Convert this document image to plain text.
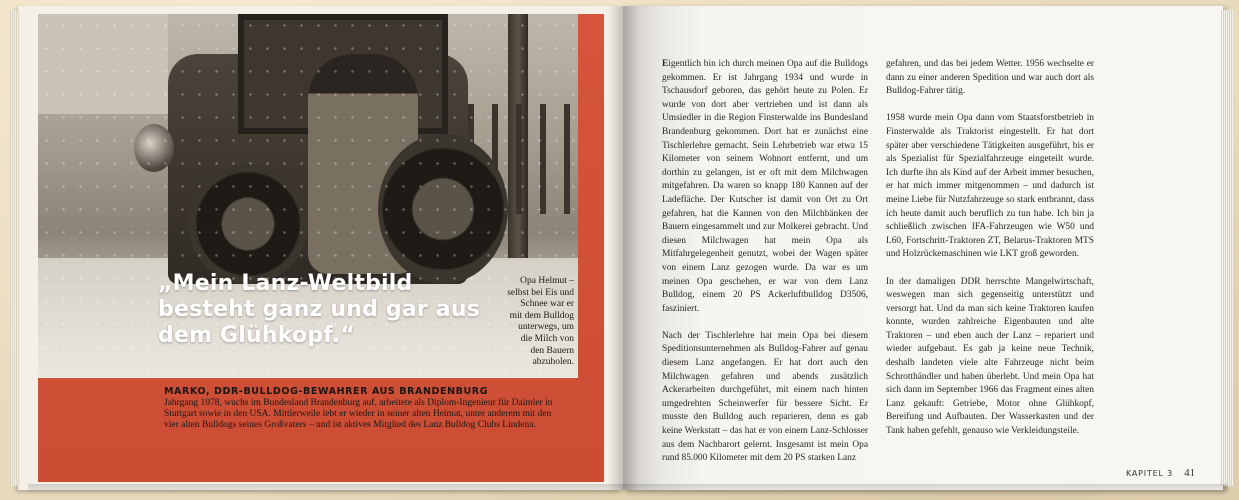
Opa Helmut – selbst bei Eis und Schnee war er mit dem Bulldog unterwegs, um die Milch von den Bauern abzuholen.
„Mein Lanz-Weltbild besteht ganz und gar aus dem Glühkopf.“
MARKO, DDR-BULLDOG-BEWAHRER AUS BRANDENBURG
Jahrgang 1978, wuchs im Bundesland Brandenburg auf, arbeitete als Diplom-Ingenieur für Daimler in Stuttgart sowie in den USA. Mittlerweile lebt er wieder in seiner alten Heimat, unter anderem mit den vier alten Bulldogs seines Großvaters – und ist aktives Mitglied des Lanz Bulldog Clubs Lindena.

Eigentlich bin ich durch meinen Opa auf die Bulldogs gekommen. Er ist Jahrgang 1934 und wurde in Tschausdorf geboren, das gehört heute zu Polen. Er wurde von dort aber vertrieben und ist dann als Umsiedler in die Region Finsterwalde ins Bundesland Brandenburg gekommen. Dort hat er zunächst eine Tischlerlehre gemacht. Sein Lehrbetrieb war etwa 15 Kilometer von seinem Wohnort entfernt, und um dorthin zu gelangen, ist er oft mit dem Milchwagen mitgefahren. Da waren so knapp 180 Kannen auf der Ladefläche. Der Kutscher ist damit von Ort zu Ort gefahren, hat die Kannen von den Milchbänken der Bauern eingesammelt und zur Molkerei gebracht. Und diesen Milchwagen hat mein Opa als Mitfahrgelegenheit genutzt, wobei der Wagen später von einem Lanz gezogen wurde. Da war es um meinen Opa geschehen, er war von dem Lanz Bulldog, einem 20 PS Ackerluftbulldog D3506, fasziniert.

Nach der Tischlerlehre hat mein Opa bei diesem Speditionsunternehmen als Bulldog-Fahrer auf genau diesem Lanz angefangen. Er hat dort auch den Milchwagen gefahren und abends zusätzlich Ackerarbeiten durchgeführt, mit einem nach hinten umgedrehten Scheinwerfer für bessere Sicht. Er musste den Bulldog auch reparieren, denn es gab keine Werkstatt – das hat er von einem Lanz-Schlosser aus dem Nachbarort gelernt. Insgesamt ist mein Opa rund 85.000 Kilometer mit dem 20 PS starken Lanz

gefahren, und das bei jedem Wetter. 1956 wechselte er dann zu einer anderen Spedition und war auch dort als Bulldog-Fahrer tätig.

1958 wurde mein Opa dann vom Staatsforstbetrieb in Finsterwalde als Traktorist eingestellt. Er hat dort später aber verschiedene Tätigkeiten ausgeführt, bis er als Spezialist für Spezialfahrzeuge eingeteilt wurde. Ich durfte ihn als Kind auf der Arbeit immer besuchen, er hat mich immer mitgenommen – und dadurch ist meine Liebe für Nutzfahrzeuge so stark entbrannt, dass ich heute damit auch beruflich zu tun habe. Ich bin ja schließlich zwischen IFA-Fahrzeugen wie W50 und L60, Fortschritt-Traktoren ZT, Belarus-Traktoren MTS und Holzrückemaschinen wie LKT groß geworden.

In der damaligen DDR herrschte Mangelwirtschaft, weswegen man sich gegenseitig unterstützt und versorgt hat. Und da man sich keine Traktoren kaufen konnte, wurden zahlreiche Eigenbauten und alte Traktoren – und eben auch der Lanz – repariert und wieder aufgebaut. Es gab ja keine neue Technik, deshalb landeten viele alte Fahrzeuge nicht beim Schrotthändler und haben überlebt. Und mein Opa hat sich dann im September 1966 das Fragment eines alten Lanz gekauft: Getriebe, Motor ohne Glühkopf, Bereifung und Aufbauten. Der Wasserkasten und der Tank haben gefehlt, genauso wie Verkleidungsteile.

KAPITEL 3 41
